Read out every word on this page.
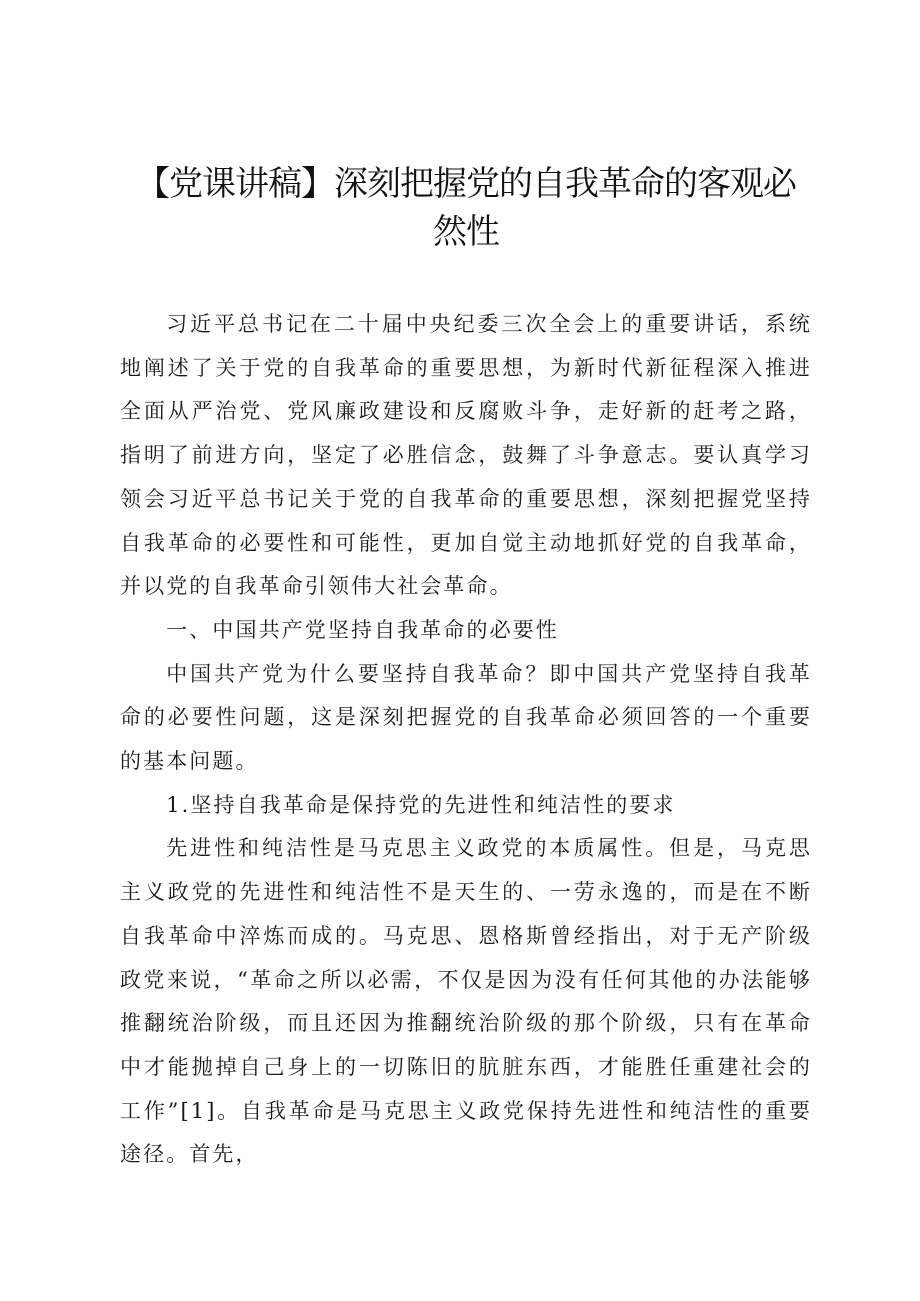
【党课讲稿】深刻把握党的自我革命的客观必然性

习近平总书记在二十届中央纪委三次全会上的重要讲话，系统地阐述了关于党的自我革命的重要思想，为新时代新征程深入推进全面从严治党、党风廉政建设和反腐败斗争，走好新的赶考之路，指明了前进方向，坚定了必胜信念，鼓舞了斗争意志。要认真学习领会习近平总书记关于党的自我革命的重要思想，深刻把握党坚持自我革命的必要性和可能性，更加自觉主动地抓好党的自我革命，并以党的自我革命引领伟大社会革命。

一、中国共产党坚持自我革命的必要性

中国共产党为什么要坚持自我革命？即中国共产党坚持自我革命的必要性问题，这是深刻把握党的自我革命必须回答的一个重要的基本问题。

1.坚持自我革命是保持党的先进性和纯洁性的要求

先进性和纯洁性是马克思主义政党的本质属性。但是，马克思主义政党的先进性和纯洁性不是天生的、一劳永逸的，而是在不断自我革命中淬炼而成的。马克思、恩格斯曾经指出，对于无产阶级政党来说，“革命之所以必需，不仅是因为没有任何其他的办法能够推翻统治阶级，而且还因为推翻统治阶级的那个阶级，只有在革命中才能抛掉自己身上的一切陈旧的肮脏东西，才能胜任重建社会的工作”[1]。自我革命是马克思主义政党保持先进性和纯洁性的重要途径。首先，
